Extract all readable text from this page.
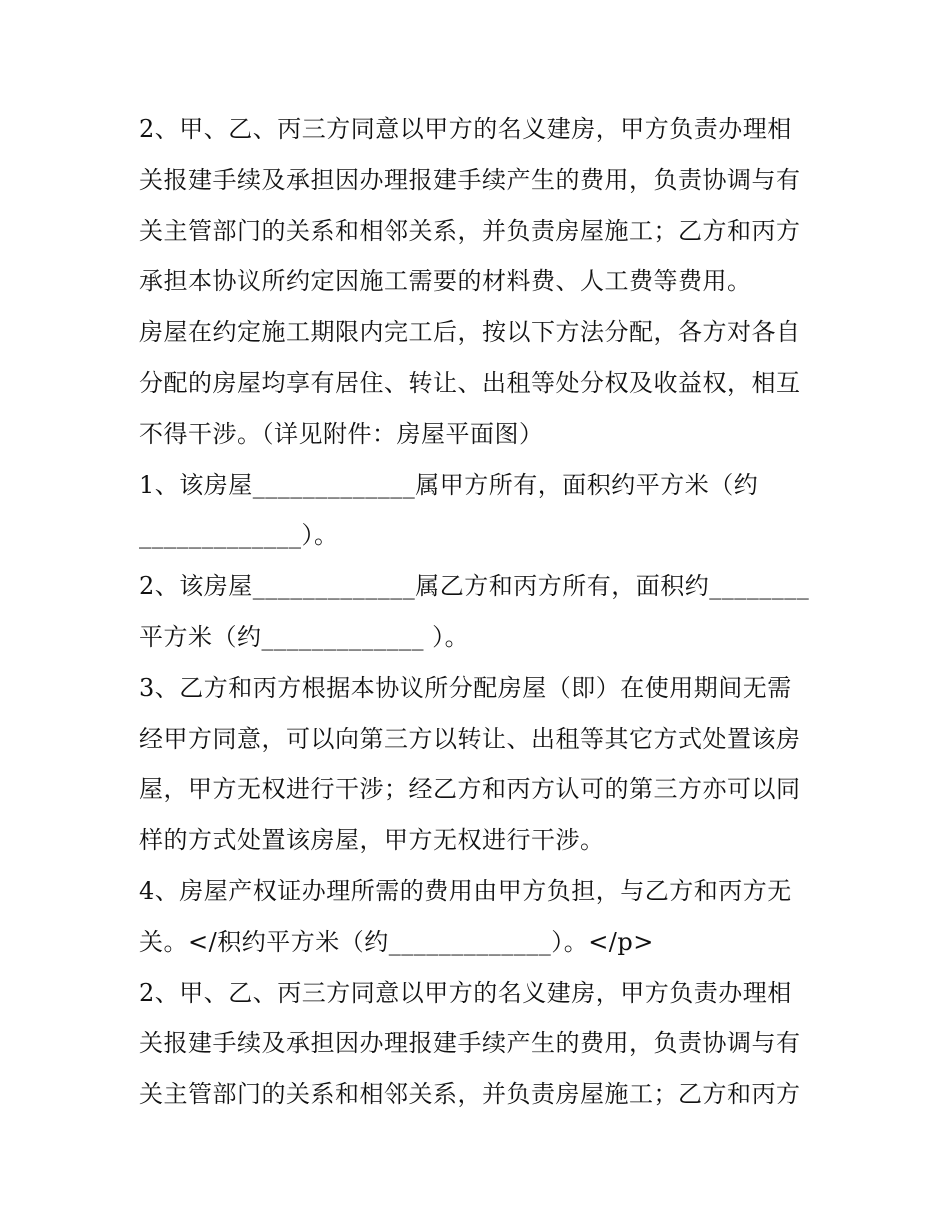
2、甲、乙、丙三方同意以甲方的名义建房，甲方负责办理相
关报建手续及承担因办理报建手续产生的费用，负责协调与有
关主管部门的关系和相邻关系，并负责房屋施工；乙方和丙方
承担本协议所约定因施工需要的材料费、人工费等费用。
房屋在约定施工期限内完工后，按以下方法分配，各方对各自
分配的房屋均享有居住、转让、出租等处分权及收益权，相互
不得干涉。（详见附件：房屋平面图）
1、该房屋_____________属甲方所有，面积约平方米（约
_____________）。
2、该房屋_____________属乙方和丙方所有，面积约________
平方米（约_____________ ）。
3、乙方和丙方根据本协议所分配房屋（即）在使用期间无需
经甲方同意，可以向第三方以转让、出租等其它方式处置该房
屋，甲方无权进行干涉；经乙方和丙方认可的第三方亦可以同
样的方式处置该房屋，甲方无权进行干涉。
4、房屋产权证办理所需的费用由甲方负担，与乙方和丙方无
关。</积约平方米（约_____________）。</p>
2、甲、乙、丙三方同意以甲方的名义建房，甲方负责办理相
关报建手续及承担因办理报建手续产生的费用，负责协调与有
关主管部门的关系和相邻关系，并负责房屋施工；乙方和丙方
